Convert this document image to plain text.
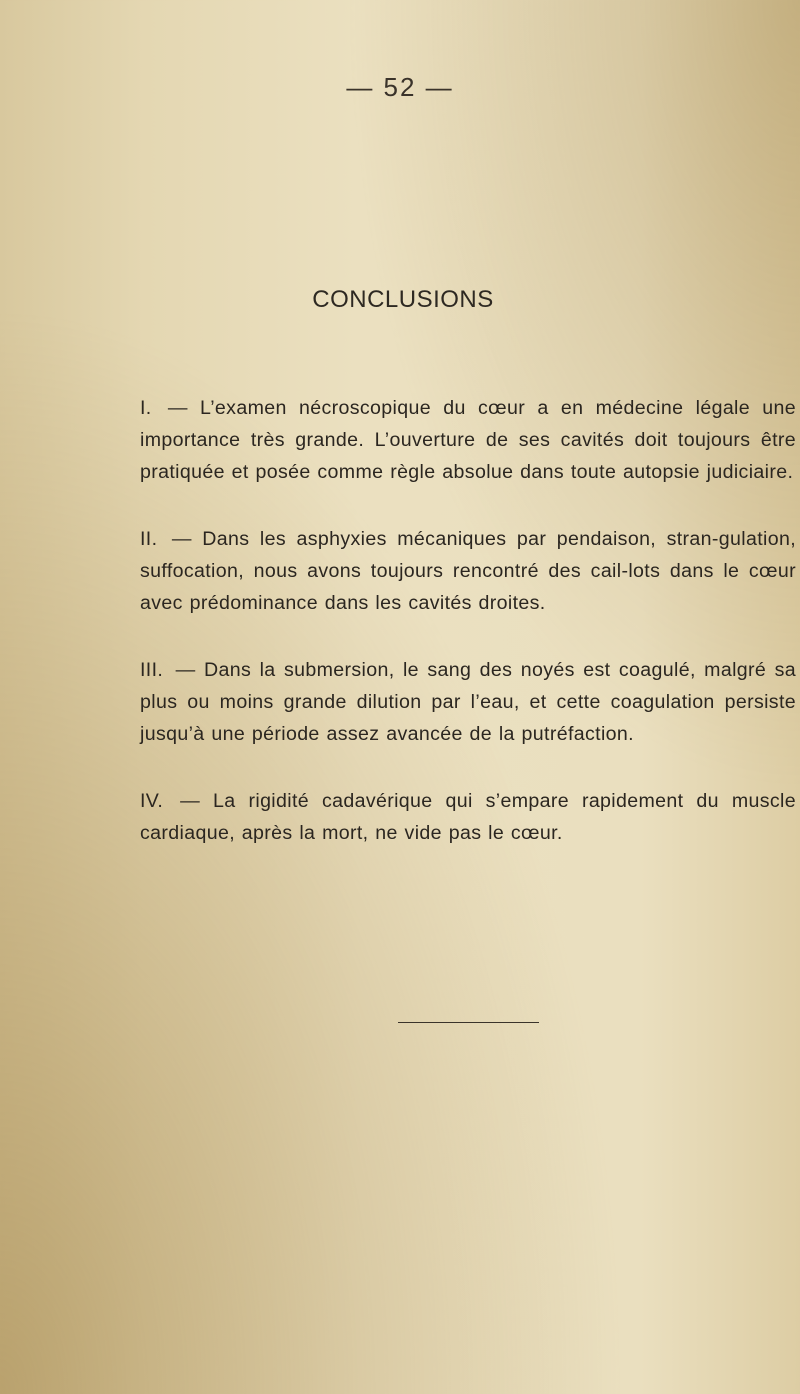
— 52 —
CONCLUSIONS

I. — L’examen nécroscopique du cœur a en médecine légale une importance très grande. L’ouverture de ses cavités doit toujours être pratiquée et posée comme règle absolue dans toute autopsie judiciaire.

II. — Dans les asphyxies mécaniques par pendaison, stran-gulation, suffocation, nous avons toujours rencontré des cail-lots dans le cœur avec prédominance dans les cavités droites.

III. — Dans la submersion, le sang des noyés est coagulé, malgré sa plus ou moins grande dilution par l’eau, et cette coagulation persiste jusqu’à une période assez avancée de la putréfaction.

IV. — La rigidité cadavérique qui s’empare rapidement du muscle cardiaque, après la mort, ne vide pas le cœur.
